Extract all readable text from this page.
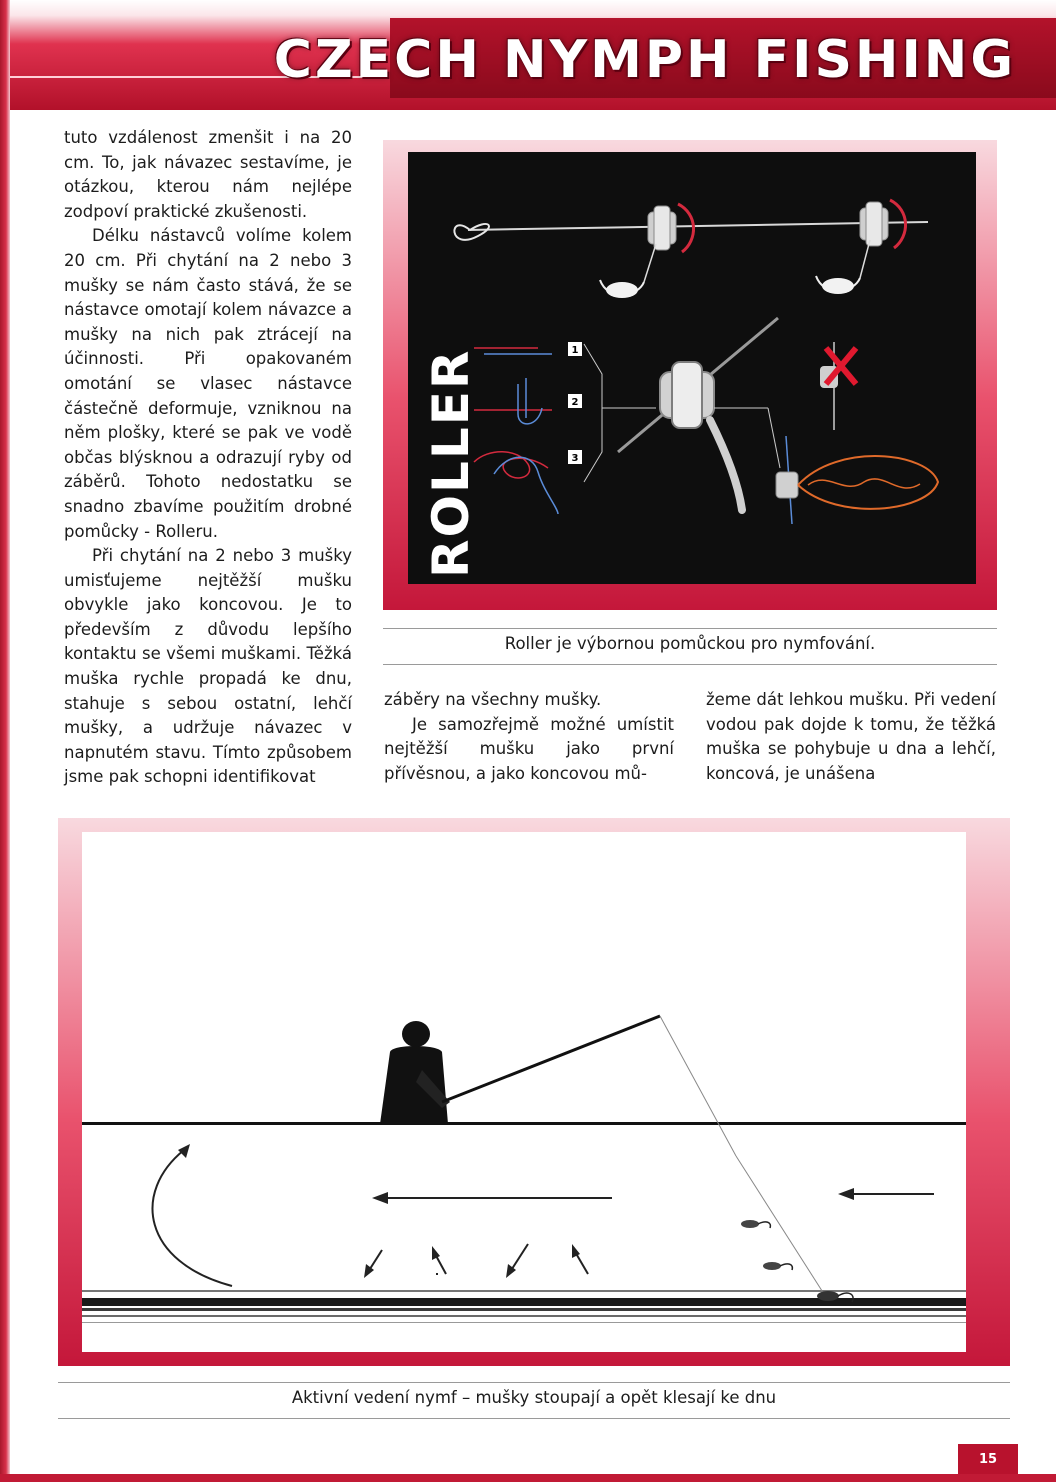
CZECH NYMPH FISHING

tuto vzdálenost zmenšit i na 20 cm. To, jak návazec sestavíme, je otázkou, kterou nám nejlépe zodpoví praktické zkušenosti.

Délku nástavců volíme kolem 20 cm. Při chytání na 2 nebo 3 mušky se nám často stává, že se nástavce omotají kolem návazce a mušky na nich pak ztrácejí na účinnosti. Při opakovaném omotání se vlasec nástavce částečně deformuje, vzniknou na něm plošky, které se pak ve vodě občas blýsknou a odrazují ryby od záběrů. Tohoto nedostatku se snadno zbavíme použitím drobné pomůcky - Rolleru.

Při chytání na 2 nebo 3 mušky umisťujeme nejtěžší mušku obvykle jako koncovou. Je to především z důvodu lepšího kontaktu se všemi muškami. Těžká muška rychle propadá ke dnu, stahuje s sebou ostatní, lehčí mušky, a udržuje návazec v napnutém stavu. Tímto způsobem jsme pak schopni identifikovat

1
2
3
ROLLER
Roller je výbornou pomůckou pro nymfování.

záběry na všechny mušky.

Je samozřejmě možné umístit nejtěžší mušku jako první přívěsnou, a jako koncovou mů-

žeme dát lehkou mušku. Při vedení vodou pak dojde k tomu, že těžká muška se pohybuje u dna a lehčí, koncová, je unášena

Aktivní vedení nymf – mušky stoupají a opět klesají ke dnu
15
